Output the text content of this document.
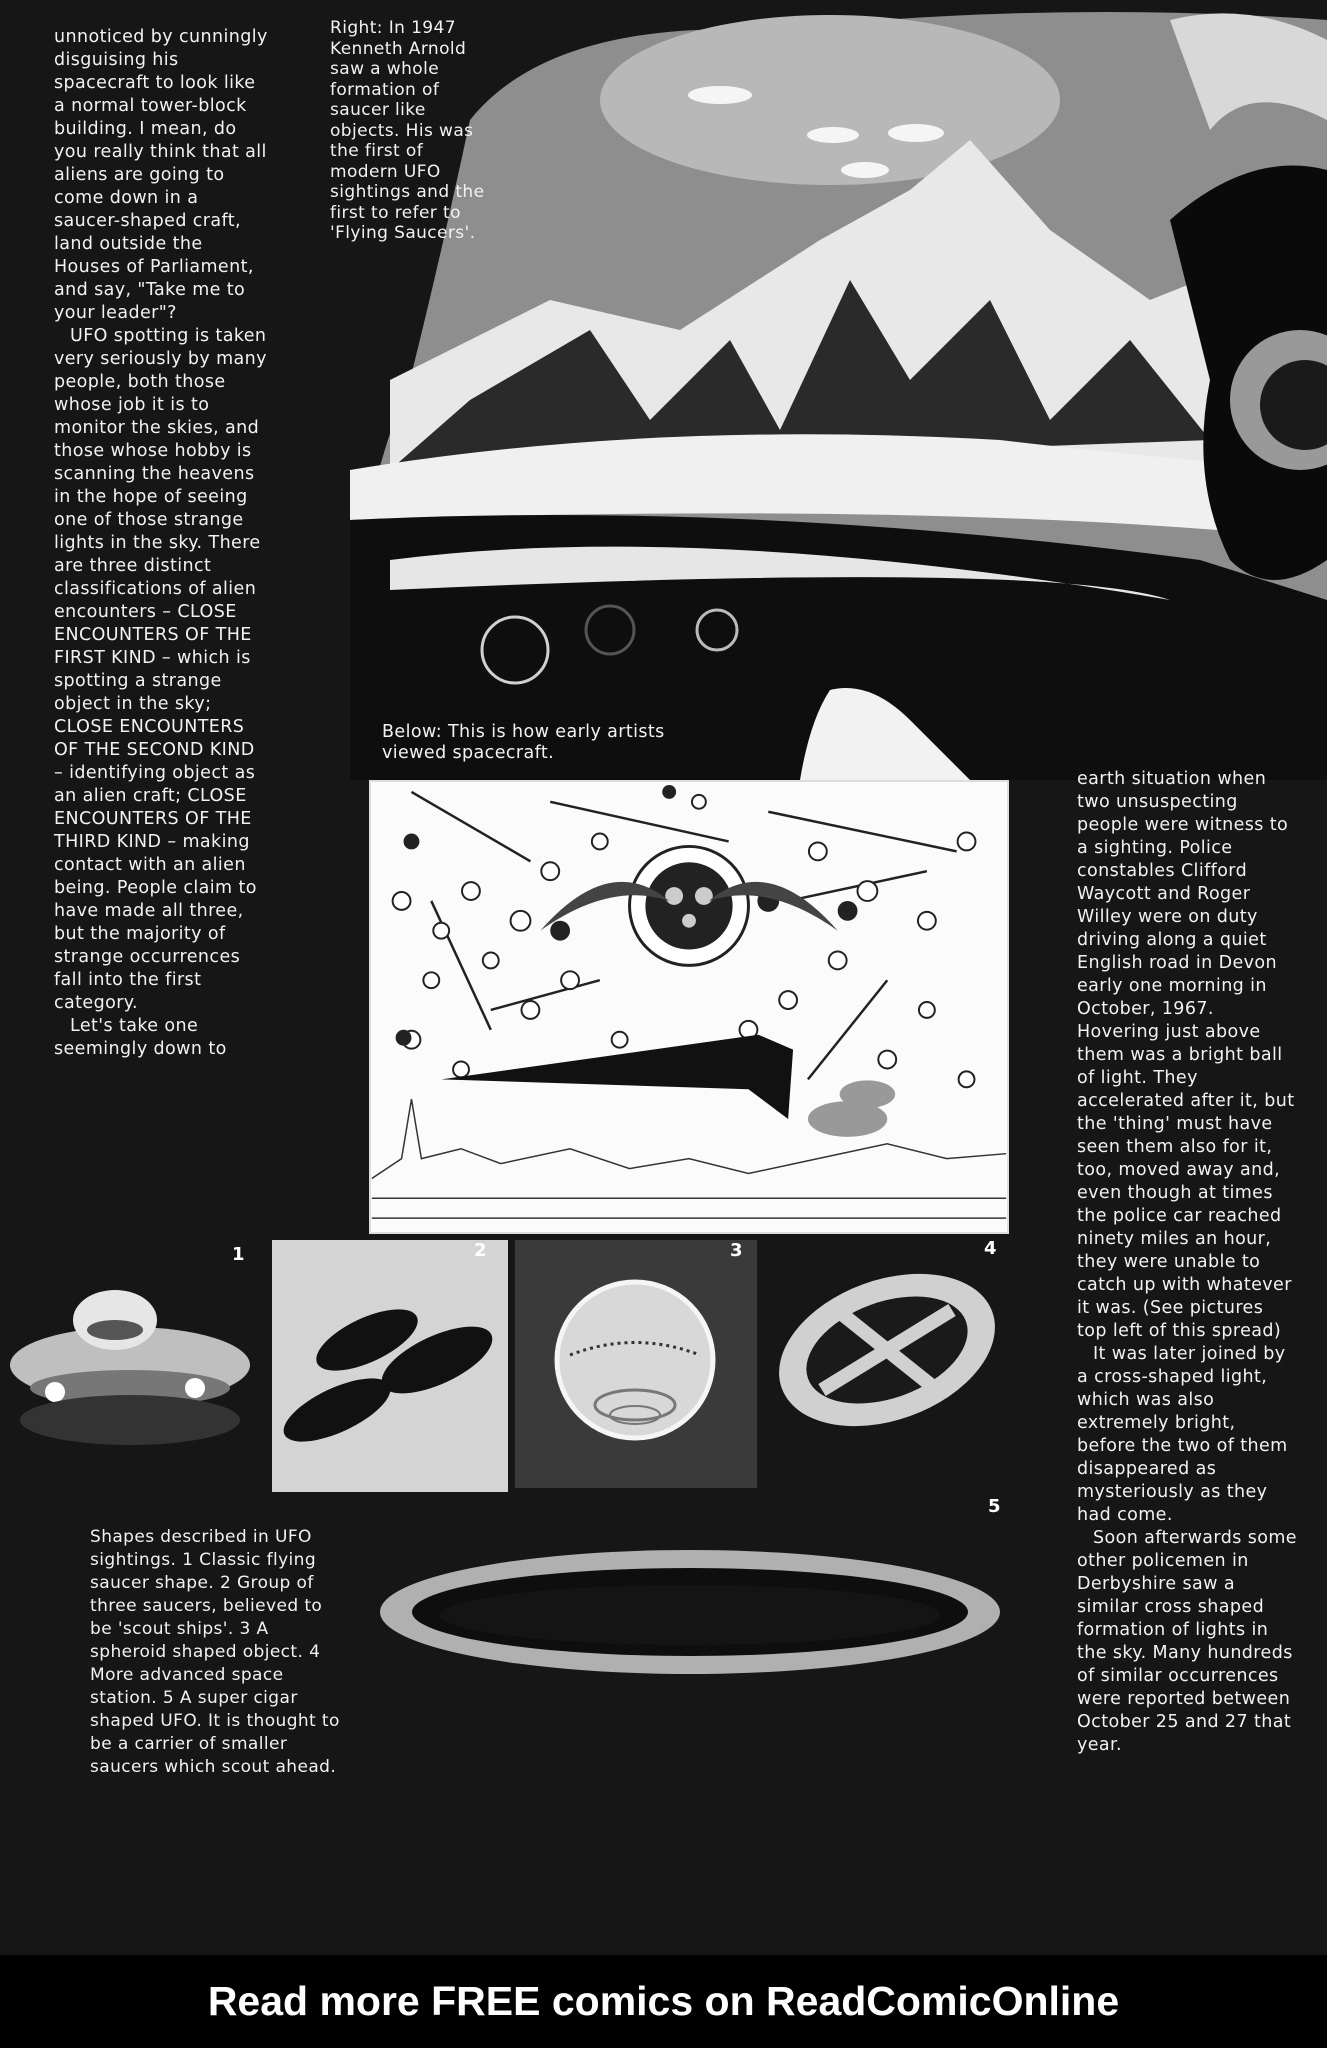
1	2	3	4
5

unnoticed by cunningly disguising his spacecraft to look like a normal tower-block building. I mean, do you really think that all aliens are going to come down in a saucer-shaped craft, land outside the Houses of Parliament, and say, "Take me to your leader"?

UFO spotting is taken very seriously by many people, both those whose job it is to monitor the skies, and those whose hobby is scanning the heavens in the hope of seeing one of those strange lights in the sky. There are three distinct classifications of alien encounters – CLOSE ENCOUNTERS OF THE FIRST KIND – which is spotting a strange object in the sky; CLOSE ENCOUNTERS OF THE SECOND KIND – identifying object as an alien craft; CLOSE ENCOUNTERS OF THE THIRD KIND – making contact with an alien being. People claim to have made all three, but the majority of strange occurrences fall into the first category.

Let's take one seemingly down to

earth situation when two unsuspecting people were witness to a sighting. Police constables Clifford Waycott and Roger Willey were on duty driving along a quiet English road in Devon early one morning in October, 1967. Hovering just above them was a bright ball of light. They accelerated after it, but the 'thing' must have seen them also for it, too, moved away and, even though at times the police car reached ninety miles an hour, they were unable to catch up with whatever it was. (See pictures top left of this spread)

It was later joined by a cross-shaped light, which was also extremely bright, before the two of them disappeared as mysteriously as they had come.

Soon afterwards some other policemen in Derbyshire saw a similar cross shaped formation of lights in the sky. Many hundreds of similar occurrences were reported between October 25 and 27 that year.

Right: In 1947 Kenneth Arnold saw a whole formation of saucer like objects. His was the first of modern UFO sightings and the first to refer to 'Flying Saucers'.
Below: This is how early artists viewed spacecraft.
Shapes described in UFO sightings. 1 Classic flying saucer shape. 2 Group of three saucers, believed to be 'scout ships'. 3 A spheroid shaped object. 4 More advanced space station. 5 A super cigar shaped UFO. It is thought to be a carrier of smaller saucers which scout ahead.
Read more FREE comics on ReadComicOnline
